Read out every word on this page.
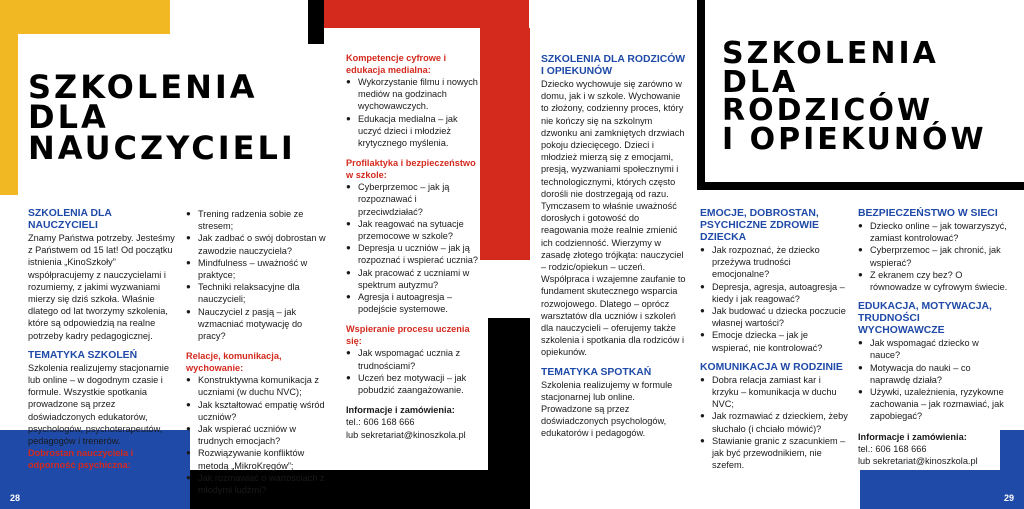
SZKOLENIA
DLA
NAUCZYCIELI
SZKOLENIA DLA NAUCZYCIELI
Znamy Państwa potrzeby. Jesteśmy z Państwem od 15 lat! Od początku istnienia „KinoSzkoły” współpracujemy z nauczycielami i rozumiemy, z jakimi wyzwaniami mierzy się dziś szkoła. Właśnie dlatego od lat tworzymy szkolenia, które są odpowiedzią na realne potrzeby kadry pedagogicznej.
TEMATYKA SZKOLEŃ
Szkolenia realizujemy stacjonarnie lub online – w dogodnym czasie i formule. Wszystkie spotkania prowadzone są przez doświadczonych edukatorów, psychologów, psychoterapeutów, pedagogów i trenerów.
Dobrostan nauczyciela i odporność psychiczna:
● Trening radzenia sobie ze stresem;
● Jak zadbać o swój dobrostan w zawodzie nauczyciela?
● Mindfulness – uważność w praktyce;
● Techniki relaksacyjne dla nauczycieli;
● Nauczyciel z pasją – jak wzmacniać motywację do pracy?
Relacje, komunikacja, wychowanie:
● Konstruktywna komunikacja z uczniami (w duchu NVC);
● Jak kształtować empatię wśród uczniów?
● Jak wspierać uczniów w trudnych emocjach?
● Rozwiązywanie konfliktów metodą „MikroKręgów”;
● Jak rozmawiać o wartościach z młodymi ludźmi?
Kompetencje cyfrowe i edukacja medialna:
● Wykorzystanie filmu i nowych mediów na godzinach wychowawczych.
● Edukacja medialna – jak uczyć dzieci i młodzież krytycznego myślenia.
Profilaktyka i bezpieczeństwo w szkole:
● Cyberprzemoc – jak ją rozpoznawać i przeciwdziałać?
● Jak reagować na sytuacje przemocowe w szkole?
● Depresja u uczniów – jak ją rozpoznać i wspierać ucznia?
● Jak pracować z uczniami w spektrum autyzmu?
● Agresja i autoagresja – podejście systemowe.
Wspieranie procesu uczenia się:
● Jak wspomagać ucznia z trudnościami?
● Uczeń bez motywacji – jak pobudzić zaangażowanie.
Informacje i zamówienia:
tel.: 606 168 666
lub sekretariat@kinoszkola.pl
28
SZKOLENIA DLA RODZICÓW I OPIEKUNÓW
Dziecko wychowuje się zarówno w domu, jak i w szkole. Wychowanie to złożony, codzienny proces, który nie kończy się na szkolnym dzwonku ani zamkniętych drzwiach pokoju dziecięcego. Dzieci i młodzież mierzą się z emocjami, presją, wyzwaniami społecznymi i technologicznymi, których często dorośli nie dostrzegają od razu. Tymczasem to właśnie uważność dorosłych i gotowość do reagowania może realnie zmienić ich codzienność. Wierzymy w zasadę złotego trójkąta: nauczyciel – rodzic/opiekun – uczeń. Współpraca i wzajemne zaufanie to fundament skutecznego wsparcia rozwojowego. Dlatego – oprócz warsztatów dla uczniów i szkoleń dla nauczycieli – oferujemy także szkolenia i spotkania dla rodziców i opiekunów.
TEMATYKA SPOTKAŃ
Szkolenia realizujemy w formule stacjonarnej lub online. Prowadzone są przez doświadczonych psychologów, edukatorów i pedagogów.
SZKOLENIA
DLA
RODZICÓW
I OPIEKUNÓW
EMOCJE, DOBROSTAN, PSYCHICZNE ZDROWIE DZIECKA
● Jak rozpoznać, że dziecko przeżywa trudności emocjonalne?
● Depresja, agresja, autoagresja – kiedy i jak reagować?
● Jak budować u dziecka poczucie własnej wartości?
● Emocje dziecka – jak je wspierać, nie kontrolować?
KOMUNIKACJA W RODZINIE
● Dobra relacja zamiast kar i krzyku – komunikacja w duchu NVC;
● Jak rozmawiać z dzieckiem, żeby słuchało (i chciało mówić)?
● Stawianie granic z szacunkiem – jak być przewodnikiem, nie szefem.
BEZPIECZEŃSTWO W SIECI
● Dziecko online – jak towarzyszyć, zamiast kontrolować?
● Cyberprzemoc – jak chronić, jak wspierać?
● Z ekranem czy bez? O równowadze w cyfrowym świecie.
EDUKACJA, MOTYWACJA, TRUDNOŚCI WYCHOWAWCZE
● Jak wspomagać dziecko w nauce?
● Motywacja do nauki – co naprawdę działa?
● Używki, uzależnienia, ryzykowne zachowania – jak rozmawiać, jak zapobiegać?
Informacje i zamówienia:
tel.: 606 168 666
lub sekretariat@kinoszkola.pl
29
